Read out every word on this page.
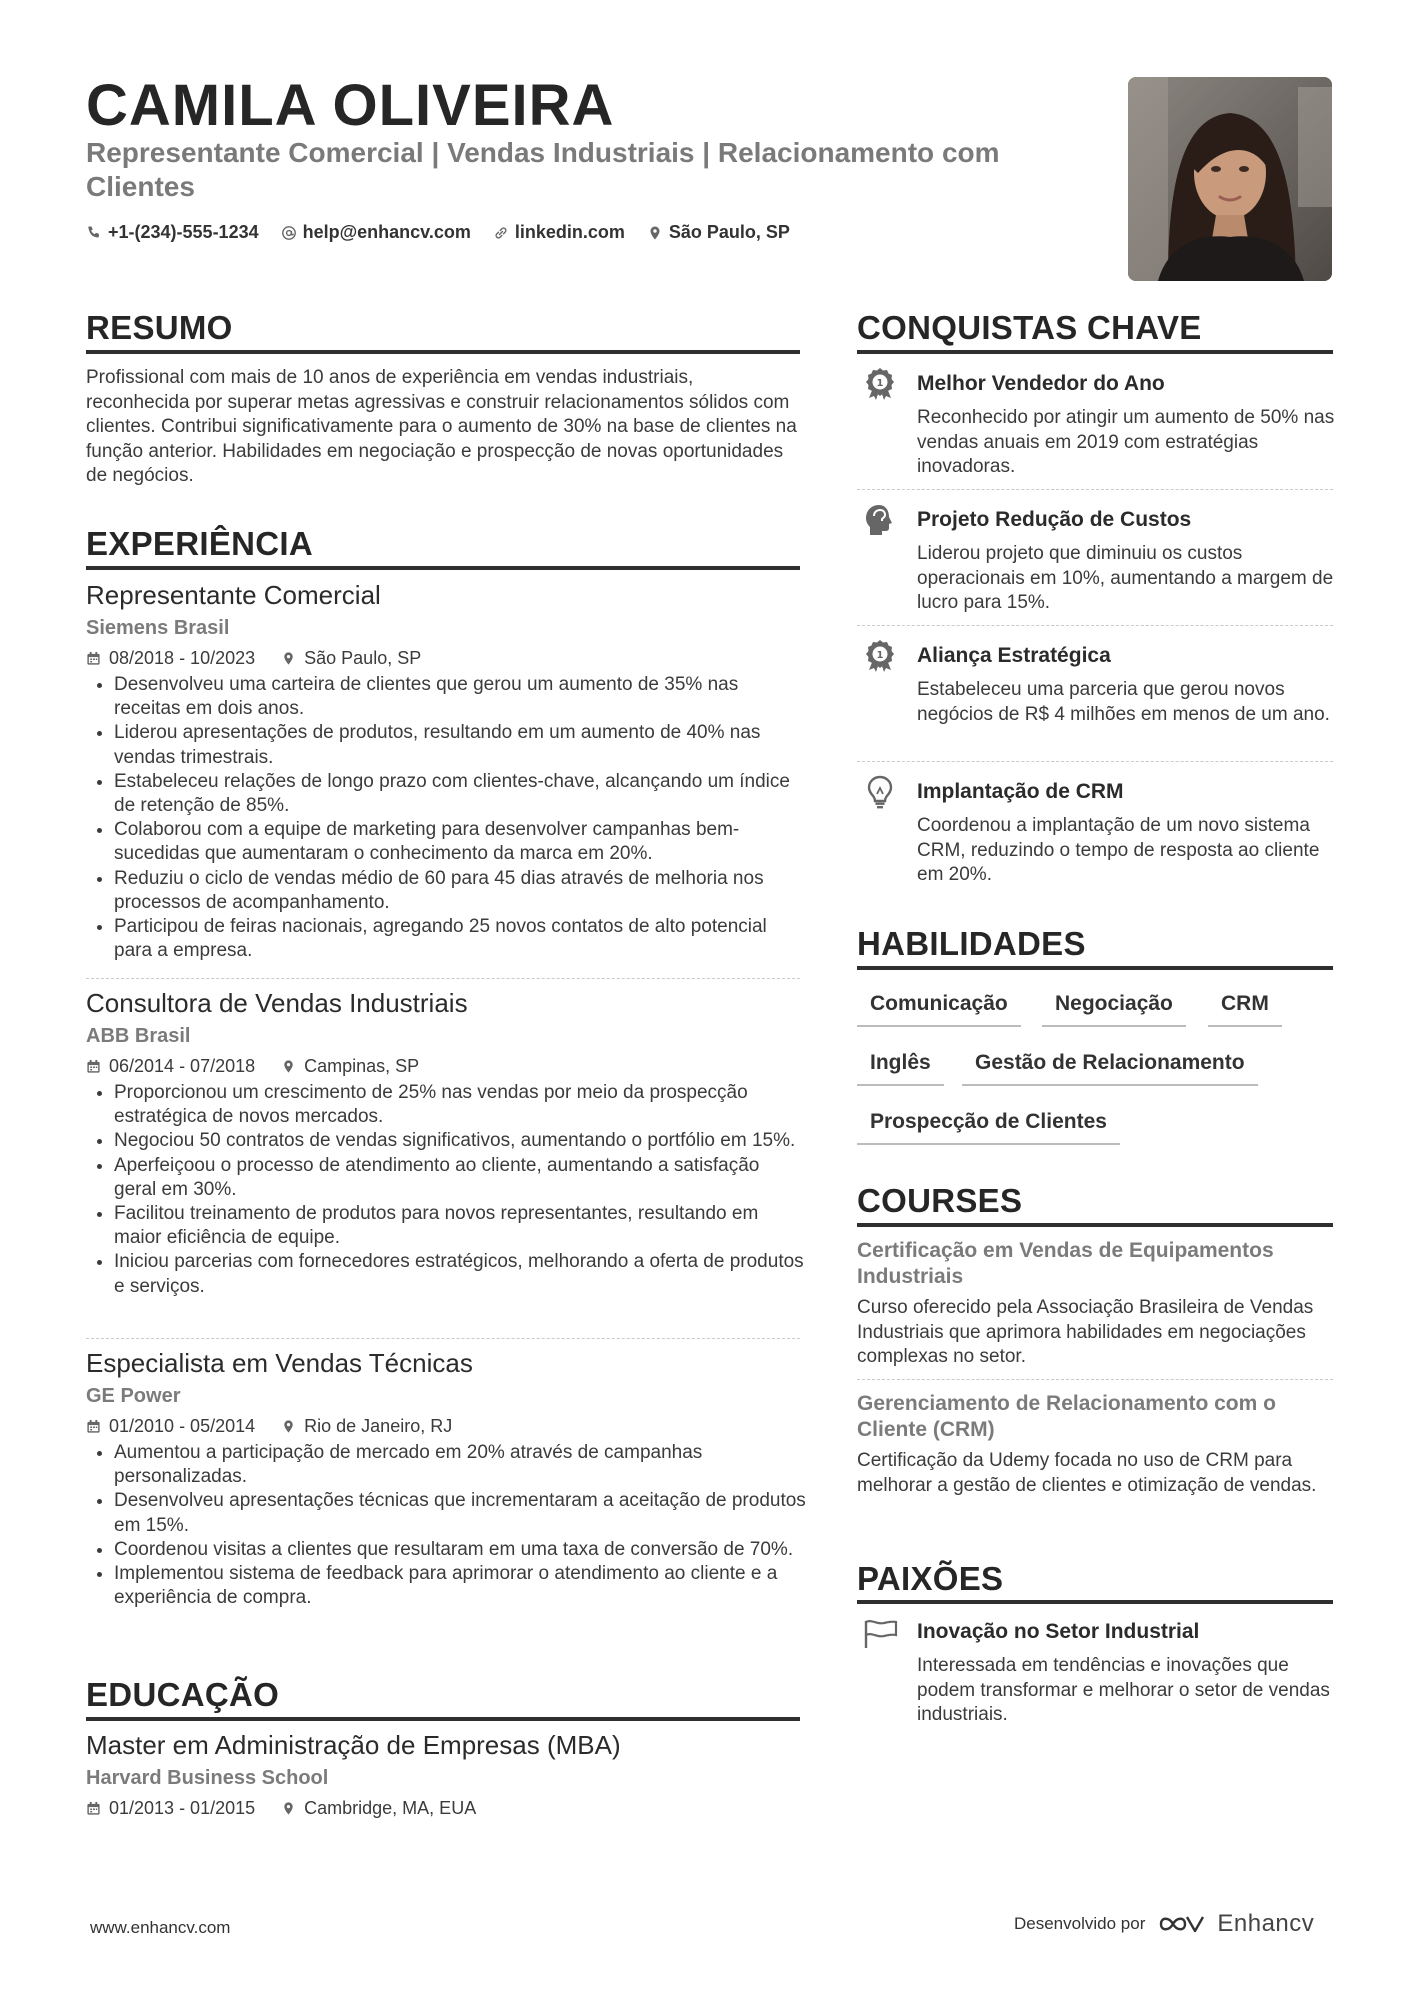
CAMILA OLIVEIRA
Representante Comercial | Vendas Industriais | Relacionamento com Clientes
+1-(234)-555-1234 help@enhancv.com linkedin.com São Paulo, SP
RESUMO
Profissional com mais de 10 anos de experiência em vendas industriais, reconhecida por superar metas agressivas e construir relacionamentos sólidos com clientes. Contribui significativamente para o aumento de 30% na base de clientes na função anterior. Habilidades em negociação e prospecção de novas oportunidades de negócios.
EXPERIÊNCIA
Representante Comercial
Siemens Brasil
08/2018 - 10/2023	São Paulo, SP
• Desenvolveu uma carteira de clientes que gerou um aumento de 35% nas receitas em dois anos.
• Liderou apresentações de produtos, resultando em um aumento de 40% nas vendas trimestrais.
• Estabeleceu relações de longo prazo com clientes-chave, alcançando um índice de retenção de 85%.
• Colaborou com a equipe de marketing para desenvolver campanhas bem-sucedidas que aumentaram o conhecimento da marca em 20%.
• Reduziu o ciclo de vendas médio de 60 para 45 dias através de melhoria nos processos de acompanhamento.
• Participou de feiras nacionais, agregando 25 novos contatos de alto potencial para a empresa.
Consultora de Vendas Industriais
ABB Brasil
06/2014 - 07/2018	Campinas, SP
• Proporcionou um crescimento de 25% nas vendas por meio da prospecção estratégica de novos mercados.
• Negociou 50 contratos de vendas significativos, aumentando o portfólio em 15%.
• Aperfeiçoou o processo de atendimento ao cliente, aumentando a satisfação geral em 30%.
• Facilitou treinamento de produtos para novos representantes, resultando em maior eficiência de equipe.
• Iniciou parcerias com fornecedores estratégicos, melhorando a oferta de produtos e serviços.
Especialista em Vendas Técnicas
GE Power
01/2010 - 05/2014	Rio de Janeiro, RJ
• Aumentou a participação de mercado em 20% através de campanhas personalizadas.
• Desenvolveu apresentações técnicas que incrementaram a aceitação de produtos em 15%.
• Coordenou visitas a clientes que resultaram em uma taxa de conversão de 70%.
• Implementou sistema de feedback para aprimorar o atendimento ao cliente e a experiência de compra.
EDUCAÇÃO
Master em Administração de Empresas (MBA)
Harvard Business School
01/2013 - 01/2015	Cambridge, MA, EUA
CONQUISTAS CHAVE
1 Melhor Vendedor do Ano
Reconhecido por atingir um aumento de 50% nas vendas anuais em 2019 com estratégias inovadoras.
Projeto Redução de Custos
Liderou projeto que diminuiu os custos operacionais em 10%, aumentando a margem de lucro para 15%.
1 Aliança Estratégica
Estabeleceu uma parceria que gerou novos negócios de R$ 4 milhões em menos de um ano.
Implantação de CRM
Coordenou a implantação de um novo sistema CRM, reduzindo o tempo de resposta ao cliente em 20%.
HABILIDADES
Comunicação	Negociação	CRM
Inglês	Gestão de Relacionamento
Prospecção de Clientes
COURSES
Certificação em Vendas de Equipamentos Industriais
Curso oferecido pela Associação Brasileira de Vendas Industriais que aprimora habilidades em negociações complexas no setor.
Gerenciamento de Relacionamento com o Cliente (CRM)
Certificação da Udemy focada no uso de CRM para melhorar a gestão de clientes e otimização de vendas.
PAIXÕES
Inovação no Setor Industrial
Interessada em tendências e inovações que podem transformar e melhorar o setor de vendas industriais.
www.enhancv.com	Desenvolvido por	Enhancv
